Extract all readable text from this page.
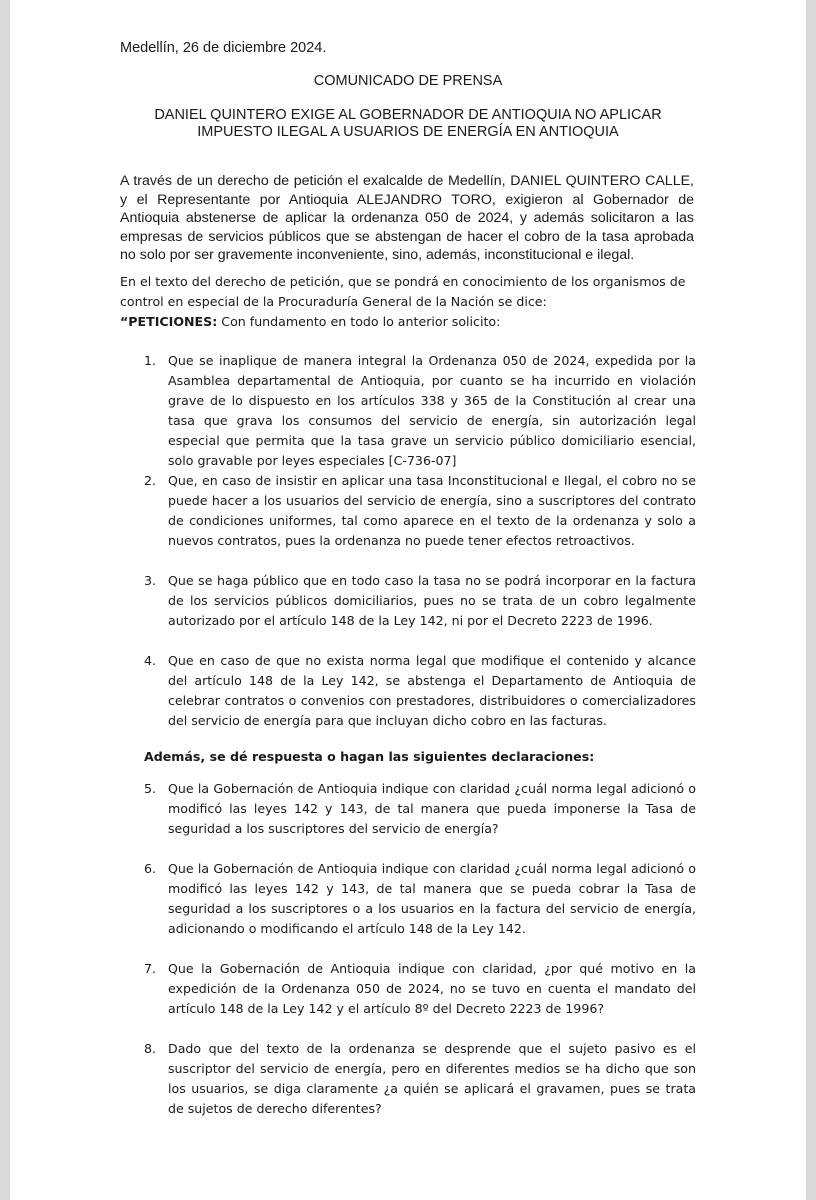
Medellín, 26 de diciembre 2024.
COMUNICADO DE PRENSA
DANIEL QUINTERO EXIGE AL GOBERNADOR DE ANTIOQUIA NO APLICAR
IMPUESTO ILEGAL A USUARIOS DE ENERGÍA EN ANTIOQUIA
A través de un derecho de petición el exalcalde de Medellín, DANIEL QUINTERO CALLE, y el Representante por Antioquia ALEJANDRO TORO, exigieron al Gobernador de Antioquia abstenerse de aplicar la ordenanza 050 de 2024, y además solicitaron a las empresas de servicios públicos que se abstengan de hacer el cobro de la tasa aprobada no solo por ser gravemente inconveniente, sino, además, inconstitucional e ilegal.
En el texto del derecho de petición, que se pondrá en conocimiento de los organismos de control en especial de la Procuraduría General de la Nación se dice:
“PETICIONES: Con fundamento en todo lo anterior solicito:
1. Que se inaplique de manera integral la Ordenanza 050 de 2024, expedida por la Asamblea departamental de Antioquia, por cuanto se ha incurrido en violación grave de lo dispuesto en los artículos 338 y 365 de la Constitución al crear una tasa que grava los consumos del servicio de energía, sin autorización legal especial que permita que la tasa grave un servicio público domiciliario esencial, solo gravable por leyes especiales [C-736-07]
2. Que, en caso de insistir en aplicar una tasa Inconstitucional e Ilegal, el cobro no se puede hacer a los usuarios del servicio de energía, sino a suscriptores del contrato de condiciones uniformes, tal como aparece en el texto de la ordenanza y solo a nuevos contratos, pues la ordenanza no puede tener efectos retroactivos.
3. Que se haga público que en todo caso la tasa no se podrá incorporar en la factura de los servicios públicos domiciliarios, pues no se trata de un cobro legalmente autorizado por el artículo 148 de la Ley 142, ni por el Decreto 2223 de 1996.
4. Que en caso de que no exista norma legal que modifique el contenido y alcance del artículo 148 de la Ley 142, se abstenga el Departamento de Antioquia de celebrar contratos o convenios con prestadores, distribuidores o comercializadores del servicio de energía para que incluyan dicho cobro en las facturas.
Además, se dé respuesta o hagan las siguientes declaraciones:
5. Que la Gobernación de Antioquia indique con claridad ¿cuál norma legal adicionó o modificó las leyes 142 y 143, de tal manera que pueda imponerse la Tasa de seguridad a los suscriptores del servicio de energía?
6. Que la Gobernación de Antioquia indique con claridad ¿cuál norma legal adicionó o modificó las leyes 142 y 143, de tal manera que se pueda cobrar la Tasa de seguridad a los suscriptores o a los usuarios en la factura del servicio de energía, adicionando o modificando el artículo 148 de la Ley 142.
7. Que la Gobernación de Antioquia indique con claridad, ¿por qué motivo en la expedición de la Ordenanza 050 de 2024, no se tuvo en cuenta el mandato del artículo 148 de la Ley 142 y el artículo 8º del Decreto 2223 de 1996?
8. Dado que del texto de la ordenanza se desprende que el sujeto pasivo es el suscriptor del servicio de energía, pero en diferentes medios se ha dicho que son los usuarios, se diga claramente ¿a quién se aplicará el gravamen, pues se trata de sujetos de derecho diferentes?
